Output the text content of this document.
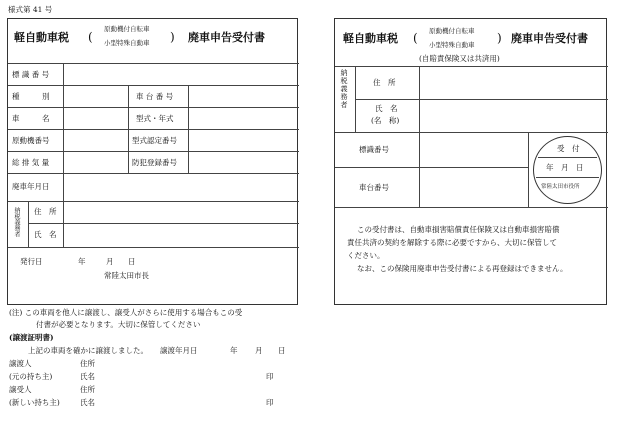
様式第 41 号
軽自動車税 (
原動機付自転車
小型特殊自動車 ) 廃車申告受付書
標 識 番 号
種　　　別	車 台 番 号
車　　　名	型式・年式
原動機番号	型式認定番号
総 排 気 量	防犯登録番号
廃車年月日
納税義務者 住　所
氏　名
発行日	年	月 日
常陸太田市長
(注) この車両を他人に譲渡し、譲受人がさらに使用する場合もこの受
付書が必要となります。大切に保管してください
(譲渡証明書)
上記の車両を確かに譲渡しました。 譲渡年月日	年 月 日
譲渡人	住所
(元の持ち主)	氏名	印
譲受人	住所
(新しい持ち主)	氏名	印
軽自動車税 ( 原動機付自転車
小型特殊自動車 ) 廃車申告受付書
(自賠責保険又は共済用)
納税義務者	住　所
氏　名
(名　称)
標識番号
車台番号
受　付
年　月　日
常陸太田市役所
この受付書は、自動車損害賠償責任保険又は自動車損害賠償
責任共済の契約を解除する際に必要ですから、大切に保管して
ください。
なお、この保険用廃車申告受付書による再登録はできません。
